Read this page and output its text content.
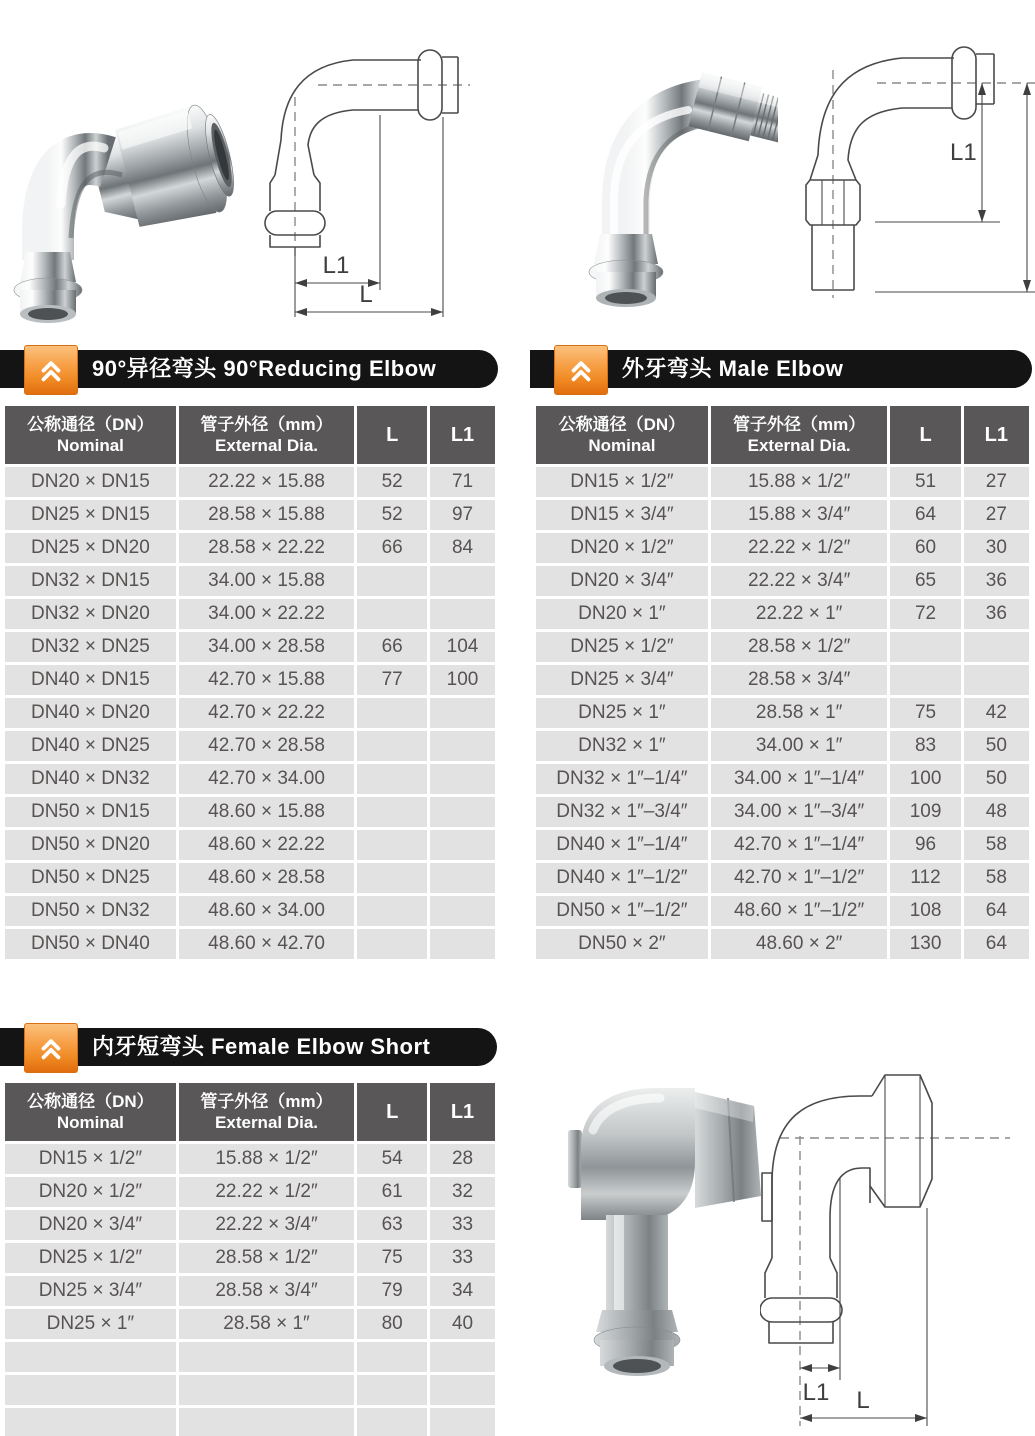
L1
L
L1
90°异径弯头 90°Reducing Elbow	外牙弯头 Male Elbow
公称通径（DN）
Nominal

管子外径（mm）
External Dia.	L	L1
DN20 × DN15	22.22 × 15.88	52	71
DN25 × DN15	28.58 × 15.88	52	97
DN25 × DN20	28.58 × 22.22	66	84
DN32 × DN15	34.00 × 15.88		
DN32 × DN20	34.00 × 22.22		
DN32 × DN25	34.00 × 28.58	66	104
DN40 × DN15	42.70 × 15.88	77	100
DN40 × DN20	42.70 × 22.22		
DN40 × DN25	42.70 × 28.58		
DN40 × DN32	42.70 × 34.00		
DN50 × DN15	48.60 × 15.88		
DN50 × DN20	48.60 × 22.22		
DN50 × DN25	48.60 × 28.58		
DN50 × DN32	48.60 × 34.00		
DN50 × DN40	48.60 × 42.70		
公称通径（DN）
Nominal

管子外径（mm）
External Dia.	L	L1
DN15 × 1/2″	15.88 × 1/2″	51	27
DN15 × 3/4″	15.88 × 3/4″	64	27
DN20 × 1/2″	22.22 × 1/2″	60	30
DN20 × 3/4″	22.22 × 3/4″	65	36
DN20 × 1″	22.22 × 1″	72	36
DN25 × 1/2″	28.58 × 1/2″		
DN25 × 3/4″	28.58 × 3/4″		
DN25 × 1″	28.58 × 1″	75	42
DN32 × 1″	34.00 × 1″	83	50
DN32 × 1″–1/4″	34.00 × 1″–1/4″	100	50
DN32 × 1″–3/4″	34.00 × 1″–3/4″	109	48
DN40 × 1″–1/4″	42.70 × 1″–1/4″	96	58
DN40 × 1″–1/2″	42.70 × 1″–1/2″	112	58
DN50 × 1″–1/2″	48.60 × 1″–1/2″	108	64
DN50 × 2″	48.60 × 2″	130	64
内牙短弯头 Female Elbow Short
公称通径（DN）
Nominal

管子外径（mm）
External Dia.	L	L1
DN15 × 1/2″	15.88 × 1/2″	54	28
DN20 × 1/2″	22.22 × 1/2″	61	32
DN20 × 3/4″	22.22 × 3/4″	63	33
DN25 × 1/2″	28.58 × 1/2″	75	33
DN25 × 3/4″	28.58 × 3/4″	79	34
DN25 × 1″	28.58 × 1″	80	40

L1 L
